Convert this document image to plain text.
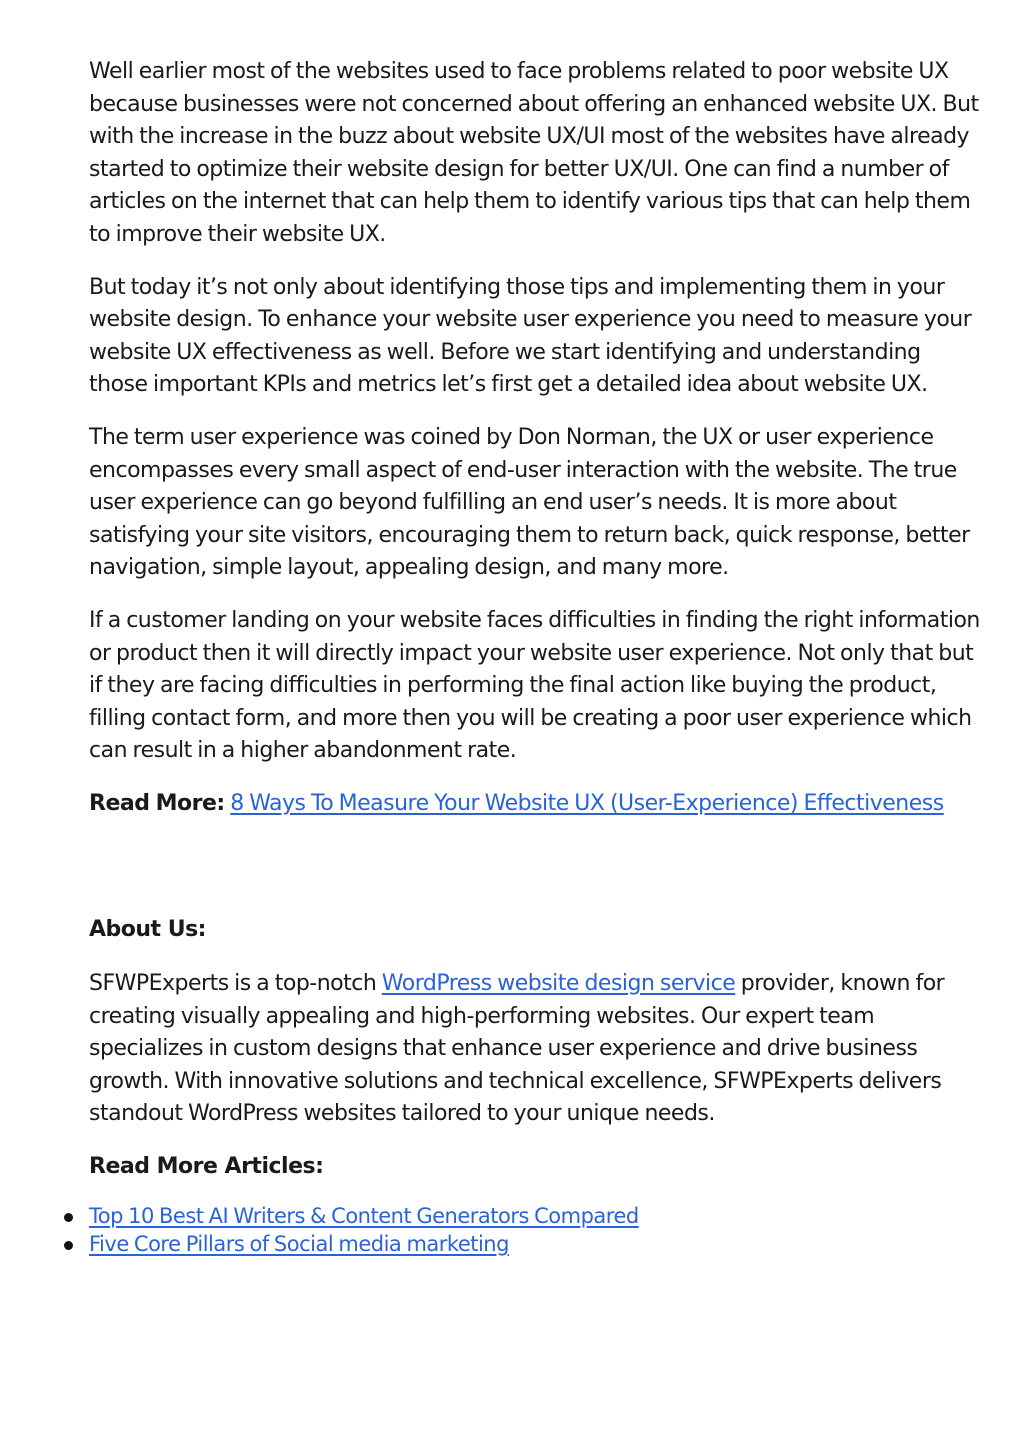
Well earlier most of the websites used to face problems related to poor website UX because businesses were not concerned about offering an enhanced website UX. But with the increase in the buzz about website UX/UI most of the websites have already started to optimize their website design for better UX/UI. One can find a number of articles on the internet that can help them to identify various tips that can help them to improve their website UX.

But today it’s not only about identifying those tips and implementing them in your website design. To enhance your website user experience you need to measure your website UX effectiveness as well. Before we start identifying and understanding those important KPIs and metrics let’s first get a detailed idea about website UX.

The term user experience was coined by Don Norman, the UX or user experience encompasses every small aspect of end-user interaction with the website. The true user experience can go beyond fulfilling an end user’s needs. It is more about satisfying your site visitors, encouraging them to return back, quick response, better navigation, simple layout, appealing design, and many more.

If a customer landing on your website faces difficulties in finding the right information or product then it will directly impact your website user experience. Not only that but if they are facing difficulties in performing the final action like buying the product, filling contact form, and more then you will be creating a poor user experience which can result in a higher abandonment rate.

Read More: 8 Ways To Measure Your Website UX (User-Experience) Effectiveness

About Us:

SFWPExperts is a top-notch WordPress website design service provider, known for creating visually appealing and high-performing websites. Our expert team specializes in custom designs that enhance user experience and drive business growth. With innovative solutions and technical excellence, SFWPExperts delivers standout WordPress websites tailored to your unique needs.

Read More Articles:

Top 10 Best AI Writers & Content Generators Compared
Five Core Pillars of Social media marketing
